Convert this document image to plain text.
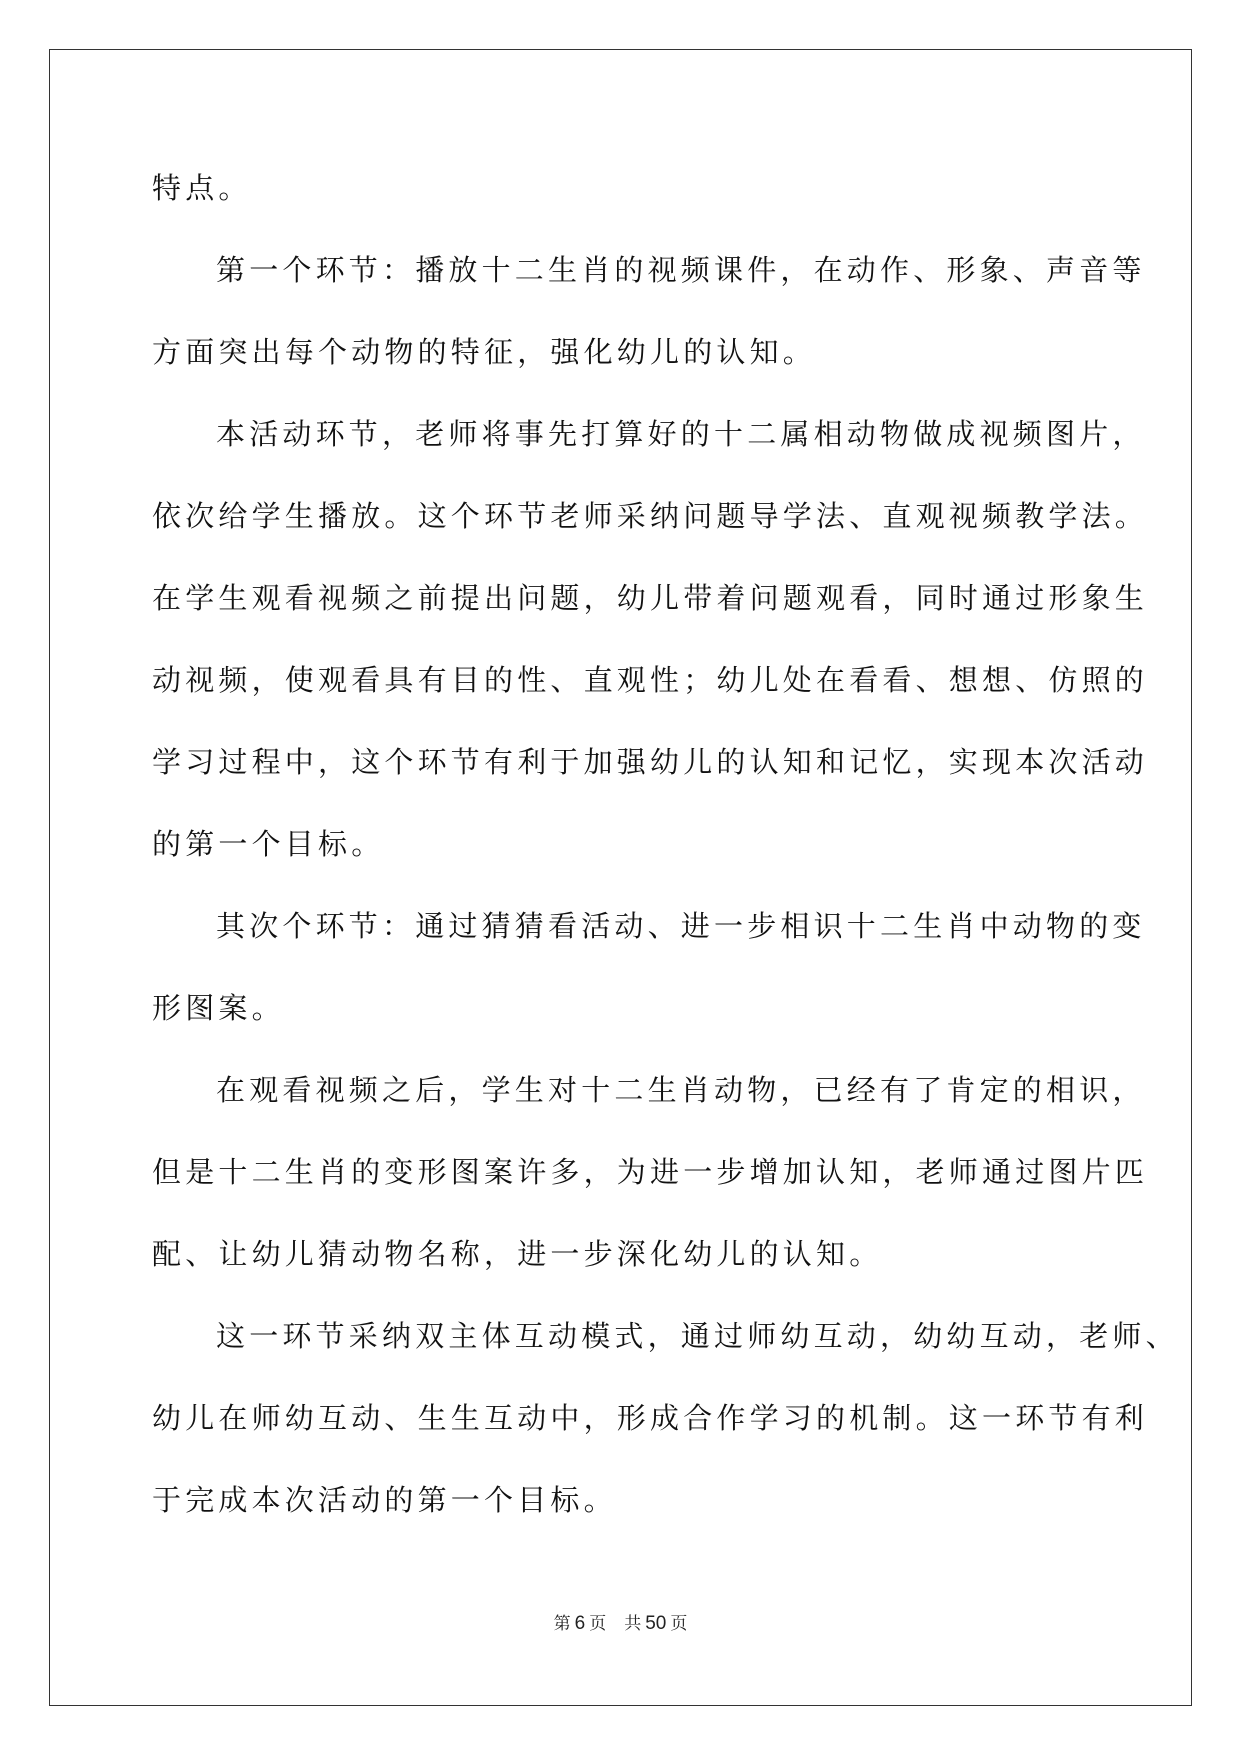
特点。
第一个环节：播放十二生肖的视频课件，在动作、形象、声音等
方面突出每个动物的特征，强化幼儿的认知。
本活动环节，老师将事先打算好的十二属相动物做成视频图片，
依次给学生播放。这个环节老师采纳问题导学法、直观视频教学法。
在学生观看视频之前提出问题，幼儿带着问题观看，同时通过形象生
动视频，使观看具有目的性、直观性；幼儿处在看看、想想、仿照的
学习过程中，这个环节有利于加强幼儿的认知和记忆，实现本次活动
的第一个目标。
其次个环节：通过猜猜看活动、进一步相识十二生肖中动物的变
形图案。
在观看视频之后，学生对十二生肖动物，已经有了肯定的相识，
但是十二生肖的变形图案许多，为进一步增加认知，老师通过图片匹
配、让幼儿猜动物名称，进一步深化幼儿的认知。
这一环节采纳双主体互动模式，通过师幼互动，幼幼互动，老师、
幼儿在师幼互动、生生互动中，形成合作学习的机制。这一环节有利
于完成本次活动的第一个目标。
第 6 页 共 50 页
